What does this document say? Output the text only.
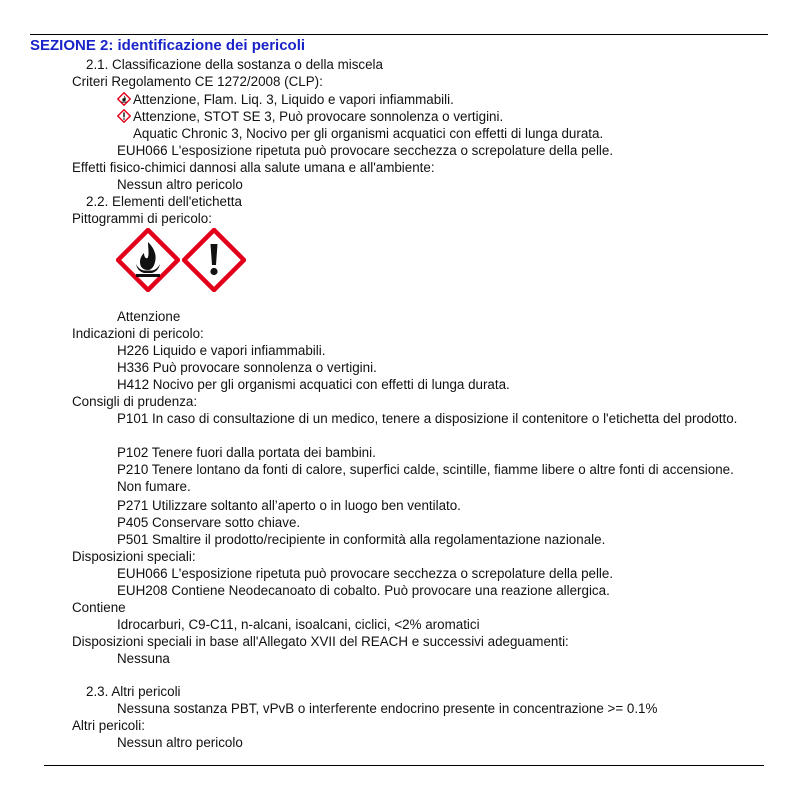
SEZIONE 2: identificazione dei pericoli
2.1. Classificazione della sostanza o della miscela
Criteri Regolamento CE 1272/2008 (CLP):
Attenzione, Flam. Liq. 3, Liquido e vapori infiammabili.
Attenzione, STOT SE 3, Può provocare sonnolenza o vertigini.
Aquatic Chronic 3, Nocivo per gli organismi acquatici con effetti di lunga durata.
EUH066 L'esposizione ripetuta può provocare secchezza o screpolature della pelle.
Effetti fisico-chimici dannosi alla salute umana e all'ambiente:
Nessun altro pericolo
2.2. Elementi dell'etichetta
Pittogrammi di pericolo:
Attenzione
Indicazioni di pericolo:
H226 Liquido e vapori infiammabili.
H336 Può provocare sonnolenza o vertigini.
H412 Nocivo per gli organismi acquatici con effetti di lunga durata.
Consigli di prudenza:
P101 In caso di consultazione di un medico, tenere a disposizione il contenitore o l'etichetta del prodotto.
P102 Tenere fuori dalla portata dei bambini.
P210 Tenere lontano da fonti di calore, superfici calde, scintille, fiamme libere o altre fonti di accensione. Non fumare.
P271 Utilizzare soltanto all’aperto o in luogo ben ventilato.
P405 Conservare sotto chiave.
P501 Smaltire il prodotto/recipiente in conformità alla regolamentazione nazionale.
Disposizioni speciali:
EUH066 L'esposizione ripetuta può provocare secchezza o screpolature della pelle.
EUH208 Contiene Neodecanoato di cobalto. Può provocare una reazione allergica.
Contiene
Idrocarburi, C9-C11, n-alcani, isoalcani, ciclici, <2% aromatici
Disposizioni speciali in base all'Allegato XVII del REACH e successivi adeguamenti:
Nessuna
2.3. Altri pericoli
Nessuna sostanza PBT, vPvB o interferente endocrino presente in concentrazione >= 0.1%
Altri pericoli:
Nessun altro pericolo
